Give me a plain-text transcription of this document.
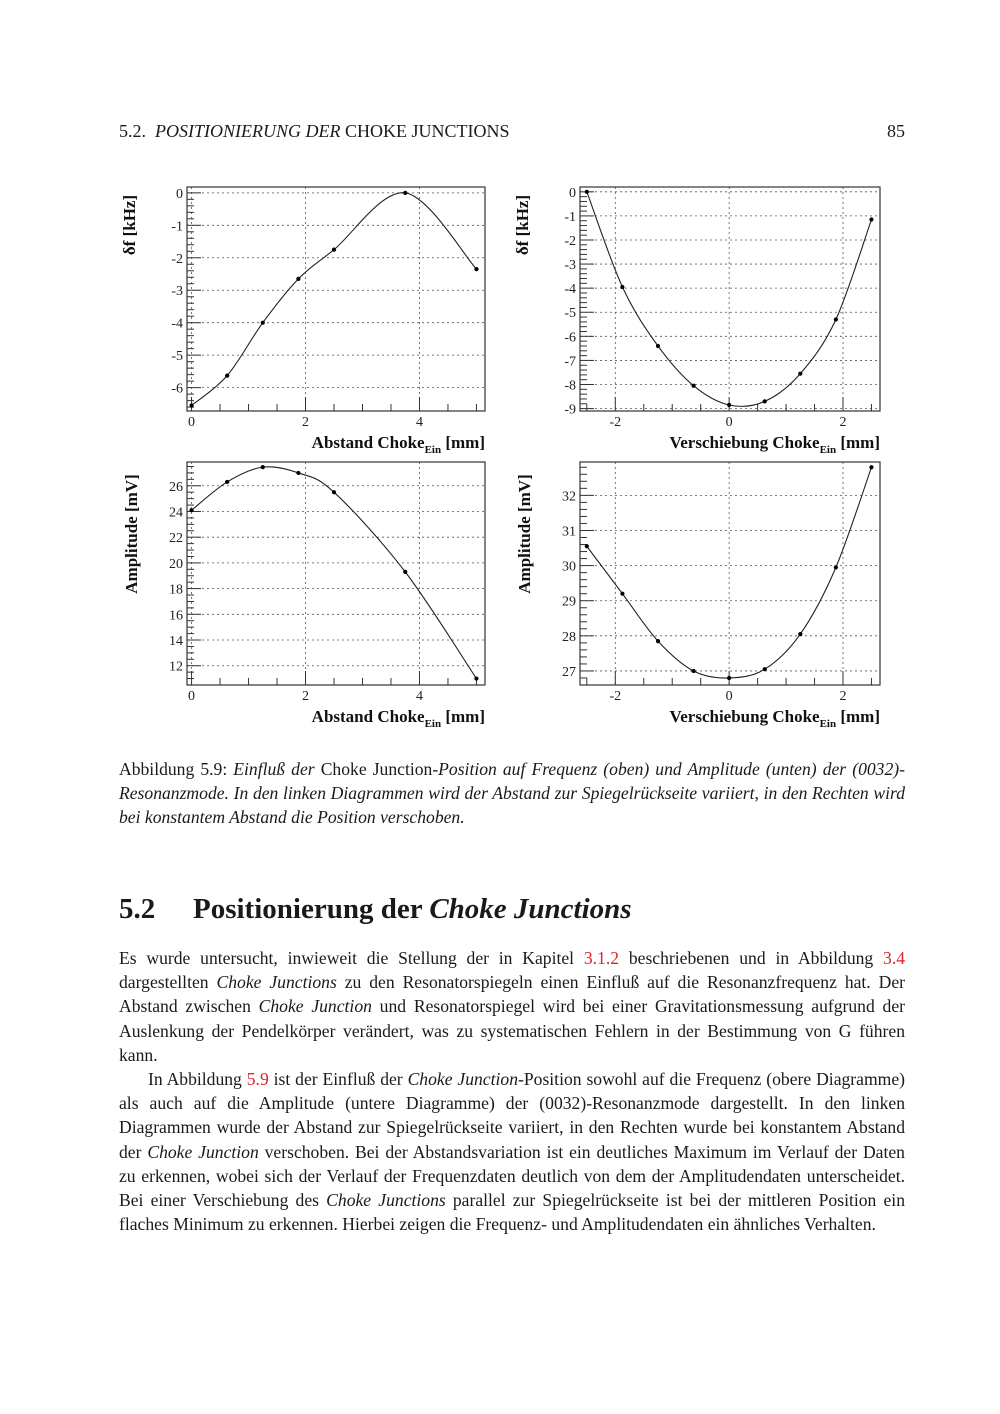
5.2. POSITIONIERUNG DER CHOKE JUNCTIONS	85
0	2	4
0
-1
-2
-3
-4
-5
-6
Abstand Choke$_{Ein}$ [mm]
δf [kHz]
-2	0	2
0
-1
-2
-3
-4
-5
-6
-7
-8
-9
Verschiebung Choke$_{Ein}$ [mm]
δf [kHz]
0	2	4
12
14
16
18
20
22
24
26
Abstand Choke$_{Ein}$ [mm]
Amplitude [mV]
-2	0	2
27
28
29
30
31
32
Verschiebung Choke$_{Ein}$ [mm]
Amplitude [mV]
Abbildung 5.9: Einfluß der Choke Junction-Position auf Frequenz (oben) und Amplitude (unten) der (0032)-Resonanzmode. In den linken Diagrammen wird der Abstand zur Spiegelrückseite variiert, in den Rechten wird bei konstantem Abstand die Position verschoben.
5.2 Positionierung der Choke Junctions

Es wurde untersucht, inwieweit die Stellung der in Kapitel 3.1.2 beschriebenen und in Abbildung 3.4 dargestellten Choke Junctions zu den Resonatorspiegeln einen Einfluß auf die Resonanzfrequenz hat. Der Abstand zwischen Choke Junction und Resonatorspiegel wird bei einer Gravitationsmessung aufgrund der Auslenkung der Pendelkörper verändert, was zu systematischen Fehlern in der Bestimmung von G führen kann.

In Abbildung 5.9 ist der Einfluß der Choke Junction-Position sowohl auf die Frequenz (obere Diagramme) als auch auf die Amplitude (untere Diagramme) der (0032)-Resonanzmode dargestellt. In den linken Diagrammen wurde der Abstand zur Spiegelrückseite variiert, in den Rechten wurde bei konstantem Abstand der Choke Junction verschoben. Bei der Abstandsvariation ist ein deutliches Maximum im Verlauf der Daten zu erkennen, wobei sich der Verlauf der Frequenzdaten deutlich von dem der Amplitudendaten unterscheidet. Bei einer Verschiebung des Choke Junctions parallel zur Spiegelrückseite ist bei der mittleren Position ein flaches Minimum zu erkennen. Hierbei zeigen die Frequenz- und Amplitudendaten ein ähnliches Verhalten.
